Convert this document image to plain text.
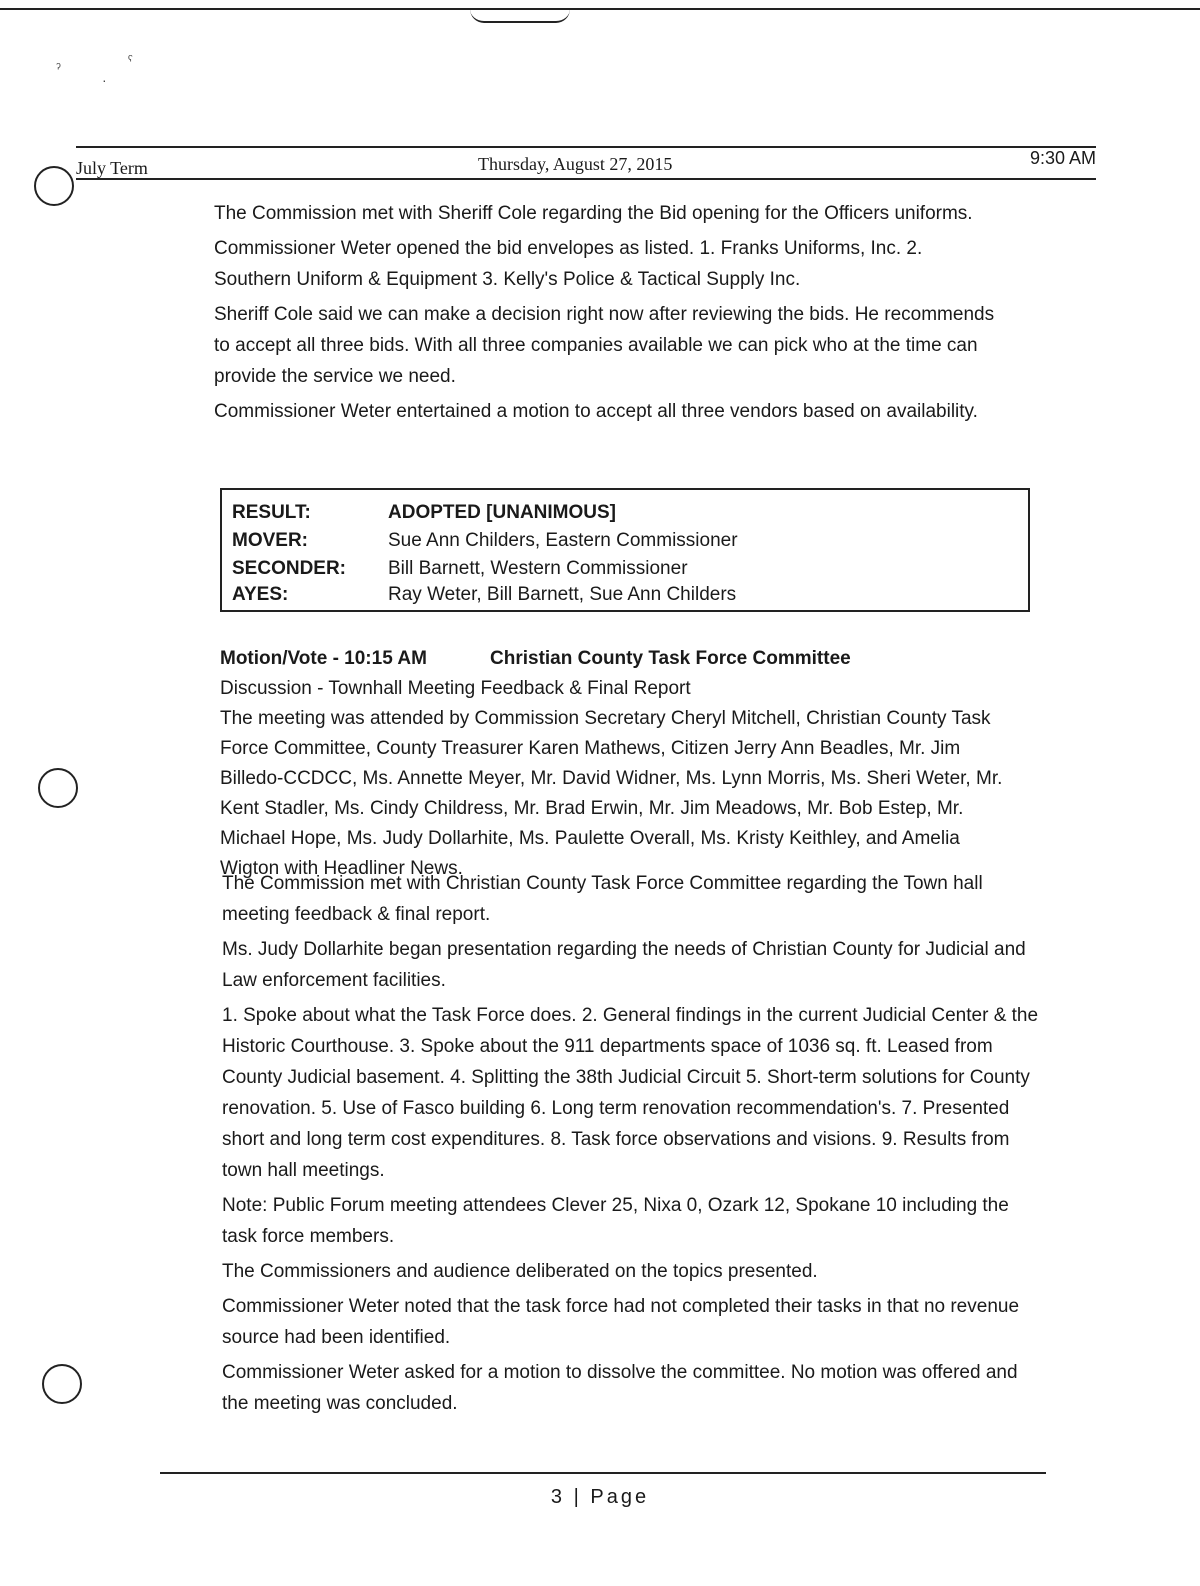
ˀ	ˁ
·
July Term	Thursday, August 27, 2015	9:30 AM

The Commission met with Sheriff Cole regarding the Bid opening for the Officers uniforms.

Commissioner Weter opened the bid envelopes as listed. 1. Franks Uniforms, Inc. 2. Southern Uniform & Equipment 3. Kelly's Police & Tactical Supply Inc.

Sheriff Cole said we can make a decision right now after reviewing the bids. He recommends to accept all three bids. With all three companies available we can pick who at the time can provide the service we need.

Commissioner Weter entertained a motion to accept all three vendors based on availability.

RESULT:	ADOPTED [UNANIMOUS]
MOVER:	Sue Ann Childers, Eastern Commissioner
SECONDER: Bill Barnett, Western Commissioner
AYES:	Ray Weter, Bill Barnett, Sue Ann Childers
Motion/Vote - 10:15 AM	Christian County Task Force Committee
Discussion - Townhall Meeting Feedback & Final Report

The meeting was attended by Commission Secretary Cheryl Mitchell, Christian County Task Force Committee, County Treasurer Karen Mathews, Citizen Jerry Ann Beadles, Mr. Jim Billedo-CCDCC, Ms. Annette Meyer, Mr. David Widner, Ms. Lynn Morris, Ms. Sheri Weter, Mr. Kent Stadler, Ms. Cindy Childress, Mr. Brad Erwin, Mr. Jim Meadows, Mr. Bob Estep, Mr. Michael Hope, Ms. Judy Dollarhite, Ms. Paulette Overall, Ms. Kristy Keithley, and Amelia Wigton with Headliner News.

The Commission met with Christian County Task Force Committee regarding the Town hall meeting feedback & final report.

Ms. Judy Dollarhite began presentation regarding the needs of Christian County for Judicial and Law enforcement facilities.

1. Spoke about what the Task Force does. 2. General findings in the current Judicial Center & the Historic Courthouse. 3. Spoke about the 911 departments space of 1036 sq. ft. Leased from County Judicial basement. 4. Splitting the 38th Judicial Circuit 5. Short-term solutions for County renovation. 5. Use of Fasco building 6. Long term renovation recommendation's. 7. Presented short and long term cost expenditures. 8. Task force observations and visions. 9. Results from town hall meetings.

Note: Public Forum meeting attendees Clever 25, Nixa 0, Ozark 12, Spokane 10 including the task force members.

The Commissioners and audience deliberated on the topics presented.

Commissioner Weter noted that the task force had not completed their tasks in that no revenue source had been identified.

Commissioner Weter asked for a motion to dissolve the committee. No motion was offered and the meeting was concluded.

3 | Page
